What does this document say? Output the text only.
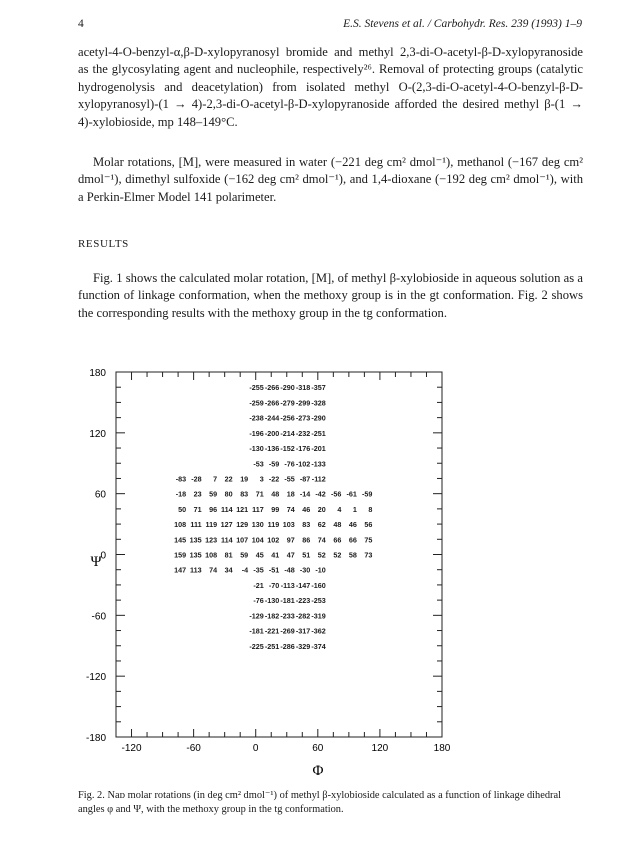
4	E.S. Stevens et al. / Carbohydr. Res. 239 (1993) 1–9

acetyl-4-O-benzyl-α,β-D-xylopyranosyl bromide and methyl 2,3-di-O-acetyl-β-D-xylopyranoside as the glycosylating agent and nucleophile, respectively²⁶. Removal of protecting groups (catalytic hydrogenolysis and deacetylation) from isolated methyl O-(2,3-di-O-acetyl-4-O-benzyl-β-D-xylopyranosyl)-(1 → 4)-2,3-di-O-acetyl-β-D-xylopyranoside afforded the desired methyl β-(1 → 4)-xylobioside, mp 148–149°C.

Molar rotations, [M], were measured in water (−221 deg cm² dmol⁻¹), methanol (−167 deg cm² dmol⁻¹), dimethyl sulfoxide (−162 deg cm² dmol⁻¹), and 1,4-dioxane (−192 deg cm² dmol⁻¹), with a Perkin-Elmer Model 141 polarimeter.

RESULTS

Fig. 1 shows the calculated molar rotation, [M], of methyl β-xylobioside in aqueous solution as a function of linkage conformation, when the methoxy group is in the gt conformation. Fig. 2 shows the corresponding results with the methoxy group in the tg conformation.

180
120
60
0
-60
-120
-180
-120	-60	0	60	120	180
Ψ
Φ
-255 -266 -290 -318 -357
-259 -266 -279 -299 -328
-238 -244 -256 -273 -290
-196 -200 -214 -232 -251
-130 -136 -152 -176 -201
-53 -59 -76 -102 -133
-83 -28 7 22 19 3 -22 -55 -87 -112
-18 23 59 80 83 71 48 18 -14 -42 -56 -61 -59
50 71 96 114 121 117 99 74 46 20 4 1 8
108 111 119 127 129 130 119 103 83 62 48 46 56
145 135 123 114 107 104 102 97 86 74 66 66 75
159 135 108 81 59 45 41 47 51 52 52 58 73
147 113 74 34 -4 -35 -51 -48 -30 -10
-21 -70 -113 -147 -160
-76 -130 -181 -223 -253
-129 -182 -233 -282 -319
-181 -221 -269 -317 -362
-225 -251 -286 -329 -374
Fig. 2. Naᴅ molar rotations (in deg cm² dmol⁻¹) of methyl β-xylobioside calculated as a function of linkage dihedral angles φ and Ψ, with the methoxy group in the tg conformation.
